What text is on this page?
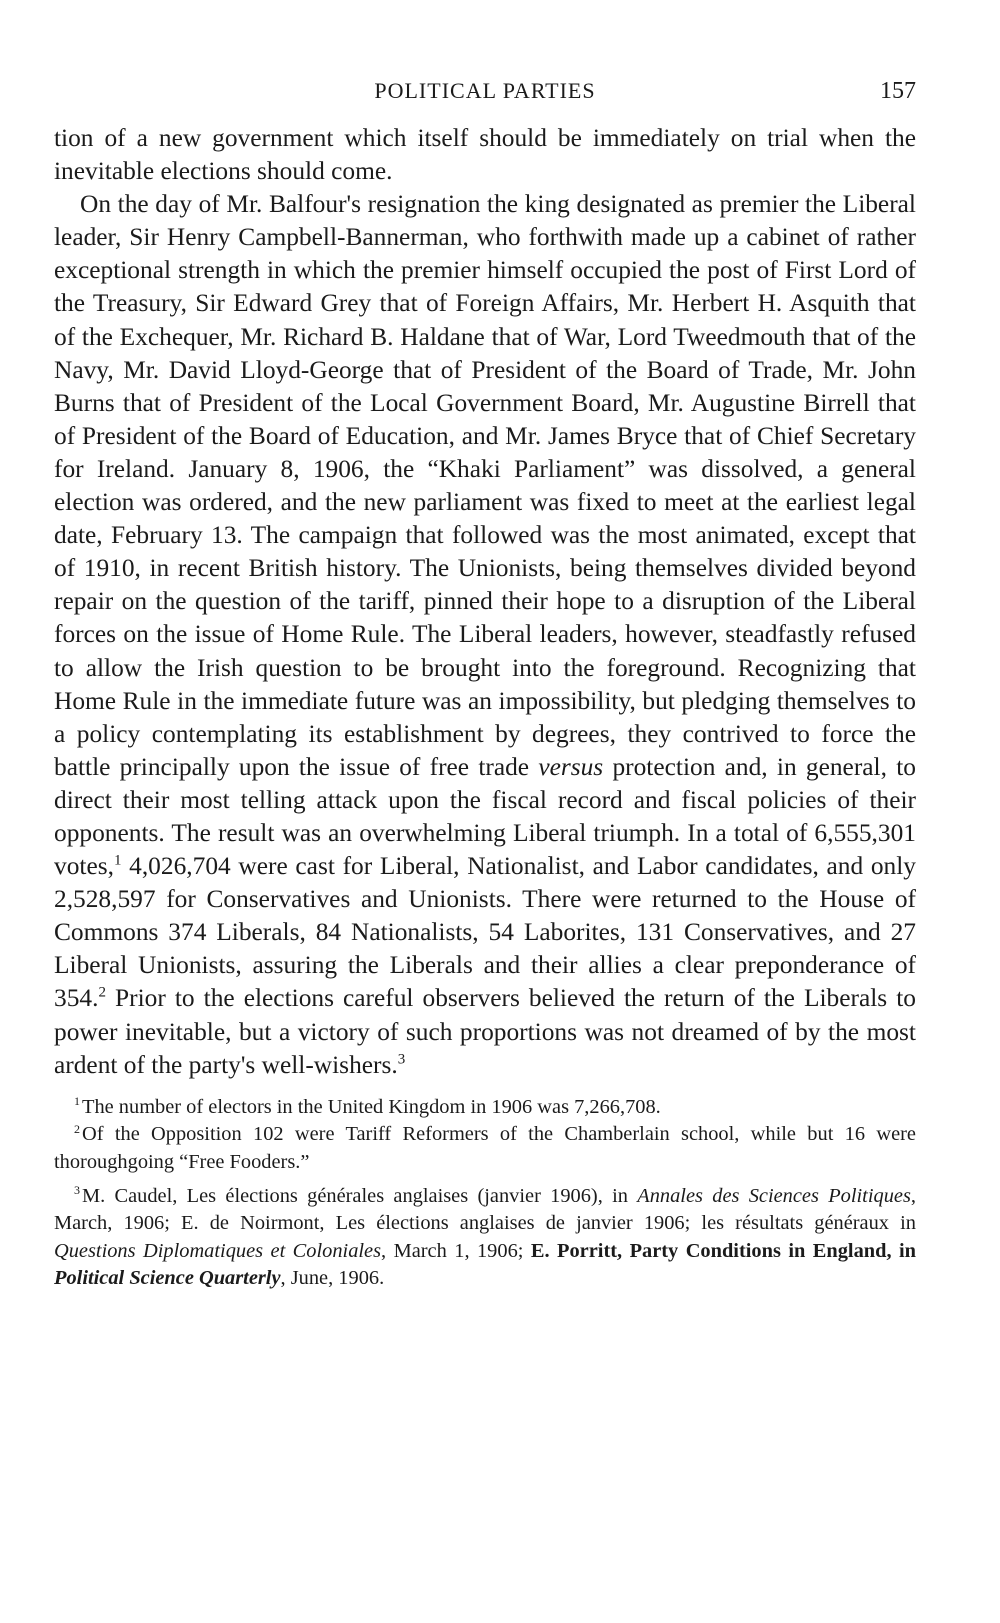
POLITICAL PARTIES	157

tion of a new government which itself should be immediately on trial when the inevitable elections should come.

On the day of Mr. Balfour's resignation the king designated as premier the Liberal leader, Sir Henry Campbell-Bannerman, who forthwith made up a cabinet of rather exceptional strength in which the premier himself occupied the post of First Lord of the Treasury, Sir Edward Grey that of Foreign Affairs, Mr. Herbert H. Asquith that of the Exchequer, Mr. Richard B. Haldane that of War, Lord Tweedmouth that of the Navy, Mr. David Lloyd-George that of President of the Board of Trade, Mr. John Burns that of President of the Local Government Board, Mr. Augustine Birrell that of President of the Board of Education, and Mr. James Bryce that of Chief Secretary for Ireland. January 8, 1906, the “Khaki Parliament” was dissolved, a general election was ordered, and the new parliament was fixed to meet at the earliest legal date, February 13. The campaign that followed was the most animated, except that of 1910, in recent British history. The Unionists, being themselves divided beyond repair on the question of the tariff, pinned their hope to a disruption of the Liberal forces on the issue of Home Rule. The Liberal leaders, however, steadfastly refused to allow the Irish question to be brought into the foreground. Recognizing that Home Rule in the immediate future was an impossibility, but pledging themselves to a policy contemplating its establishment by degrees, they contrived to force the battle principally upon the issue of free trade versus protection and, in general, to direct their most telling attack upon the fiscal record and fiscal policies of their opponents. The result was an overwhelming Liberal triumph. In a total of 6,555,301 votes,$^1$ 4,026,704 were cast for Liberal, Nationalist, and Labor candidates, and only 2,528,597 for Conservatives and Unionists. There were returned to the House of Commons 374 Liberals, 84 Nationalists, 54 Laborites, 131 Conservatives, and 27 Liberal Unionists, assuring the Liberals and their allies a clear preponderance of 354.$^2$ Prior to the elections careful observers believed the return of the Liberals to power inevitable, but a victory of such proportions was not dreamed of by the most ardent of the party's well-wishers.$^3$

$^1$The number of electors in the United Kingdom in 1906 was 7,266,708.

$^2$Of the Opposition 102 were Tariff Reformers of the Chamberlain school, while but 16 were thoroughgoing “Free Fooders.”

$^3$M. Caudel, Les élections générales anglaises (janvier 1906), in Annales des Sciences Politiques, March, 1906; E. de Noirmont, Les élections anglaises de janvier 1906; les résultats généraux in Questions Diplomatiques et Coloniales, March 1, 1906; E. Porritt, Party Conditions in England, in Political Science Quarterly, June, 1906.
